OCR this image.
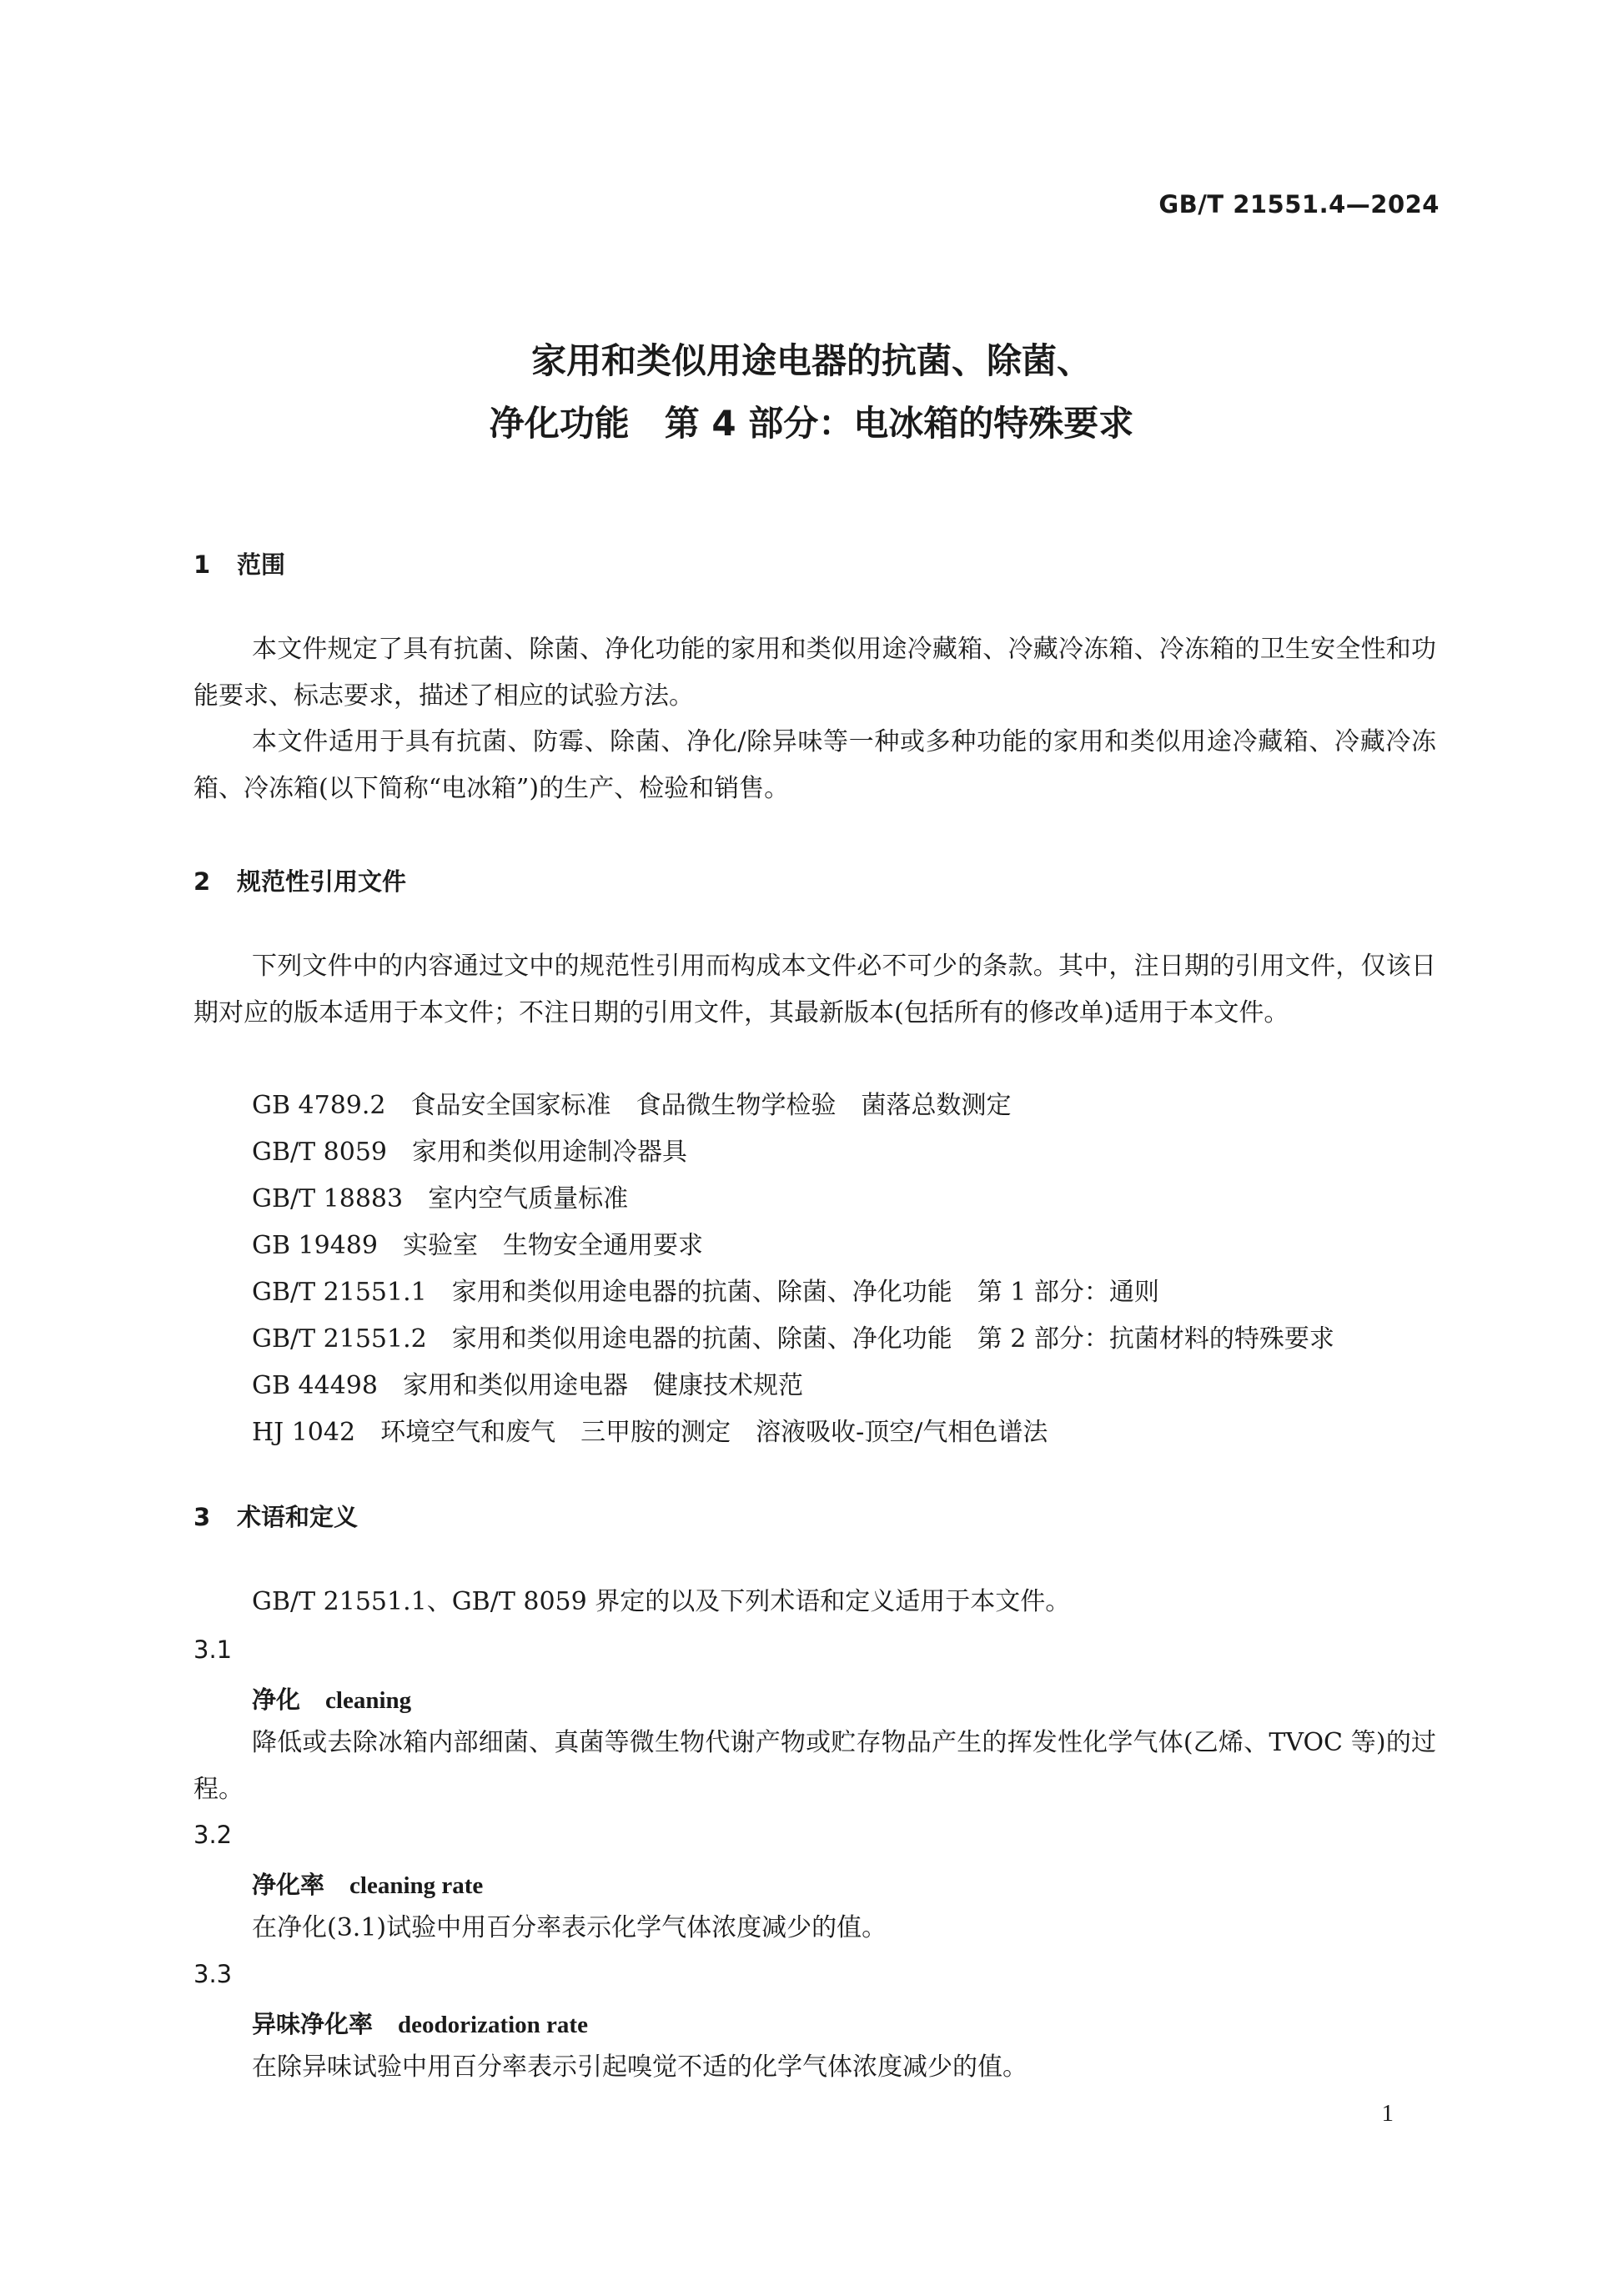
GB/T 21551.4—2024
家用和类似用途电器的抗菌、除菌、
净化功能　第 4 部分：电冰箱的特殊要求
1 范围
本文件规定了具有抗菌、除菌、净化功能的家用和类似用途冷藏箱、冷藏冷冻箱、冷冻箱的卫生安全性和功能要求、标志要求，描述了相应的试验方法。
本文件适用于具有抗菌、防霉、除菌、净化/除异味等一种或多种功能的家用和类似用途冷藏箱、冷藏冷冻箱、冷冻箱(以下简称“电冰箱”)的生产、检验和销售。
2 规范性引用文件
下列文件中的内容通过文中的规范性引用而构成本文件必不可少的条款。其中，注日期的引用文件，仅该日期对应的版本适用于本文件；不注日期的引用文件，其最新版本(包括所有的修改单)适用于本文件。
GB 4789.2　食品安全国家标准　食品微生物学检验　菌落总数测定
GB/T 8059　家用和类似用途制冷器具
GB/T 18883　室内空气质量标准
GB 19489　实验室　生物安全通用要求
GB/T 21551.1　家用和类似用途电器的抗菌、除菌、净化功能　第 1 部分：通则
GB/T 21551.2　家用和类似用途电器的抗菌、除菌、净化功能　第 2 部分：抗菌材料的特殊要求
GB 44498　家用和类似用途电器　健康技术规范
HJ 1042　环境空气和废气　三甲胺的测定　溶液吸收-顶空/气相色谱法
3 术语和定义
GB/T 21551.1、GB/T 8059 界定的以及下列术语和定义适用于本文件。
3.1
净化 cleaning
降低或去除冰箱内部细菌、真菌等微生物代谢产物或贮存物品产生的挥发性化学气体(乙烯、TVOC 等)的过程。
3.2
净化率 cleaning rate
在净化(3.1)试验中用百分率表示化学气体浓度减少的值。
3.3
异味净化率 deodorization rate
在除异味试验中用百分率表示引起嗅觉不适的化学气体浓度减少的值。
1
